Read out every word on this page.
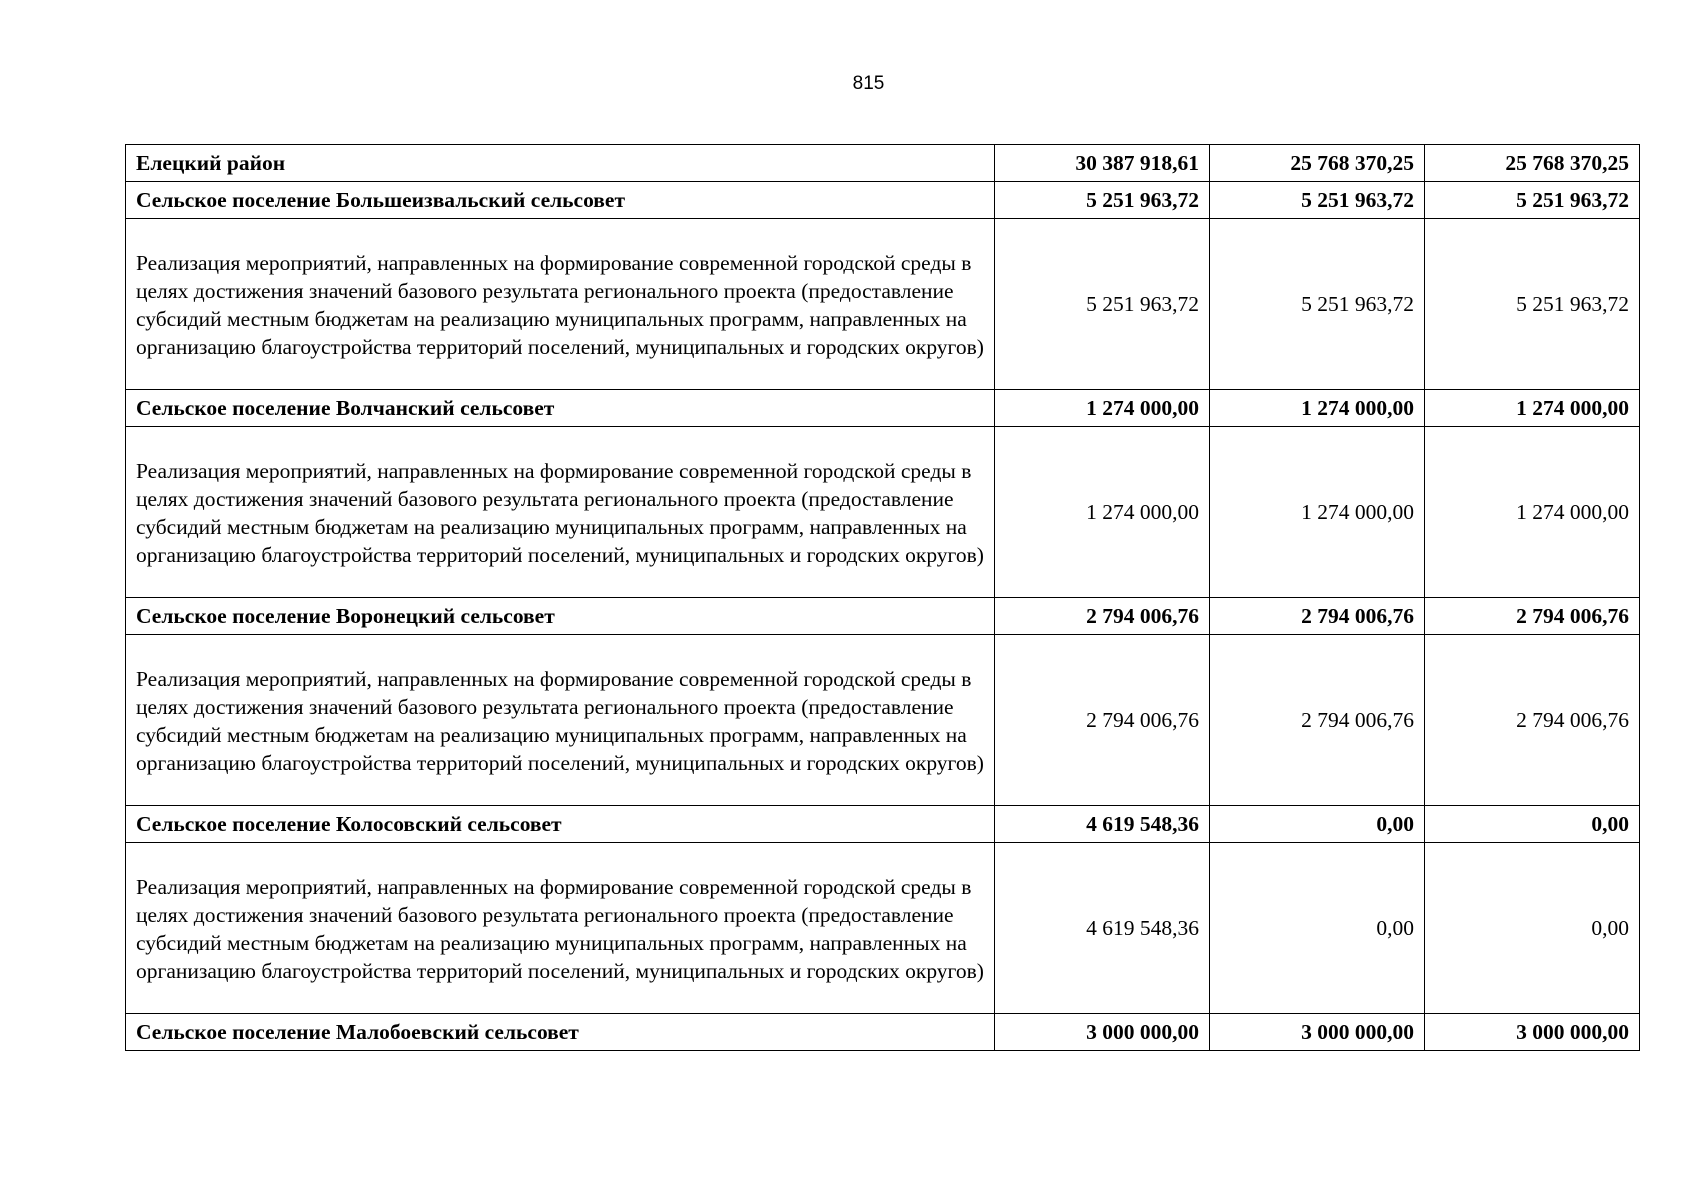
815
Елецкий район	30 387 918,61	25 768 370,25	25 768 370,25
Сельское поселение Большеизвальский сельсовет	5 251 963,72	5 251 963,72	5 251 963,72
Реализация мероприятий, направленных на формирование современной городской среды в целях достижения значений базового результата регионального проекта (предоставление субсидий местным бюджетам на реализацию муниципальных программ, направленных на организацию благоустройства территорий поселений, муниципальных и городских округов)	5 251 963,72	5 251 963,72	5 251 963,72
Сельское поселение Волчанский сельсовет	1 274 000,00	1 274 000,00	1 274 000,00
Реализация мероприятий, направленных на формирование современной городской среды в целях достижения значений базового результата регионального проекта (предоставление субсидий местным бюджетам на реализацию муниципальных программ, направленных на организацию благоустройства территорий поселений, муниципальных и городских округов)	1 274 000,00	1 274 000,00	1 274 000,00
Сельское поселение Воронецкий сельсовет	2 794 006,76	2 794 006,76	2 794 006,76
Реализация мероприятий, направленных на формирование современной городской среды в целях достижения значений базового результата регионального проекта (предоставление субсидий местным бюджетам на реализацию муниципальных программ, направленных на организацию благоустройства территорий поселений, муниципальных и городских округов)	2 794 006,76	2 794 006,76	2 794 006,76
Сельское поселение Колосовский сельсовет	4 619 548,36	0,00	0,00
Реализация мероприятий, направленных на формирование современной городской среды в целях достижения значений базового результата регионального проекта (предоставление субсидий местным бюджетам на реализацию муниципальных программ, направленных на организацию благоустройства территорий поселений, муниципальных и городских округов)	4 619 548,36	0,00	0,00
Сельское поселение Малобоевский сельсовет	3 000 000,00	3 000 000,00	3 000 000,00
